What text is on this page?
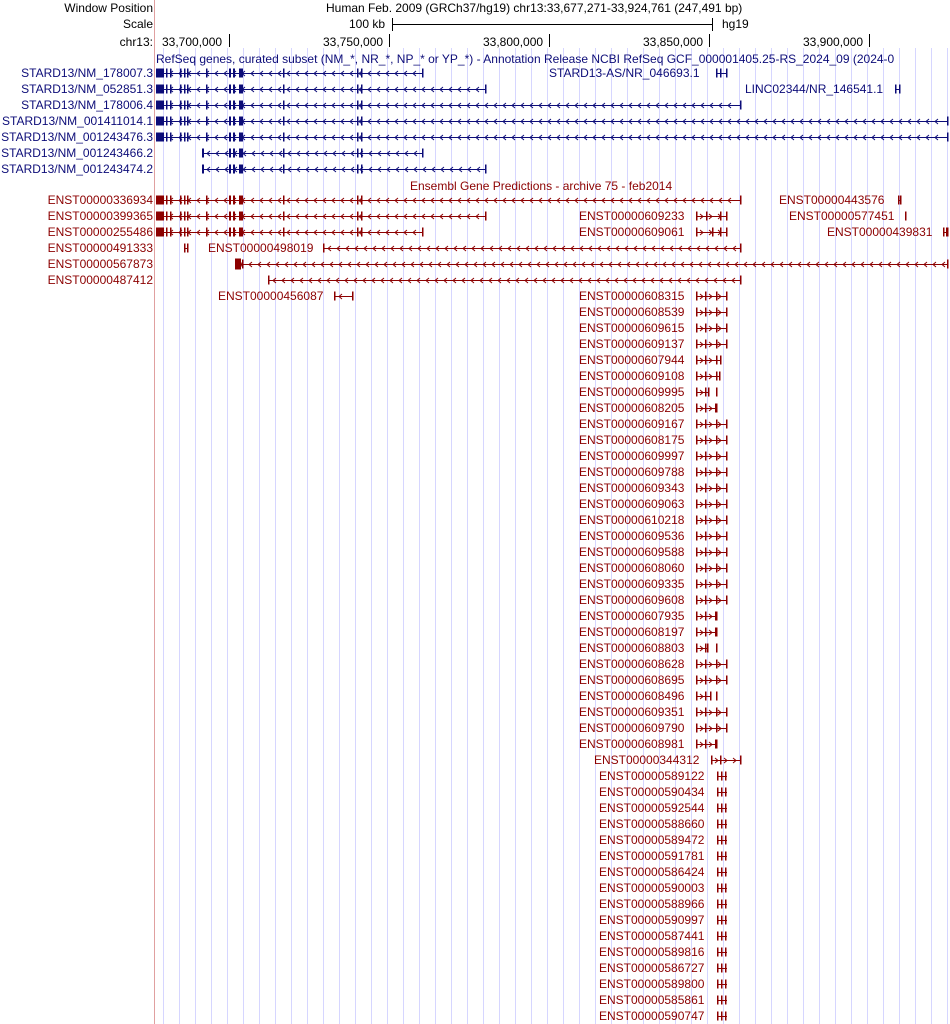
Window Position	Human Feb. 2009 (GRCh37/hg19) chr13:33,677,271-33,924,761 (247,491 bp)
Scale	100 kb	hg19
chr13: 33,700,000	33,750,000	33,800,000	33,850,000	33,900,000
RefSeq genes, curated subset (NM_*, NR_*, NP_* or YP_*) - Annotation Release NCBI RefSeq GCF_000001405.25-RS_2024_09 (2024-0
STARD13/NM_178007.3
STARD13/NM_052851.3
STARD13/NM_178006.4
STARD13/NM_001411014.1
STARD13/NM_001243476.3
STARD13/NM_001243466.2
STARD13/NM_001243474.2
STARD13-AS/NR_046693.1
LINC02344/NR_146541.1
Ensembl Gene Predictions - archive 75 - feb2014
ENST00000336934
ENST00000399365
ENST00000255486
ENST00000491333
ENST00000567873
ENST00000487412
ENST00000443576
ENST00000609233	ENST00000577451
ENST00000609061	ENST00000439831
ENST00000498019
ENST00000456087	ENST00000608315
ENST00000608539
ENST00000609615
ENST00000609137
ENST00000607944
ENST00000609108
ENST00000609995
ENST00000608205
ENST00000609167
ENST00000608175
ENST00000609997
ENST00000609788
ENST00000609343
ENST00000609063
ENST00000610218
ENST00000609536
ENST00000609588
ENST00000608060
ENST00000609335
ENST00000609608
ENST00000607935
ENST00000608197
ENST00000608803
ENST00000608628
ENST00000608695
ENST00000608496
ENST00000609351
ENST00000609790
ENST00000608981
ENST00000344312
ENST00000589122
ENST00000590434
ENST00000592544
ENST00000588660
ENST00000589472
ENST00000591781
ENST00000586424
ENST00000590003
ENST00000588966
ENST00000590997
ENST00000587441
ENST00000589816
ENST00000586727
ENST00000589800
ENST00000585861
ENST00000590747
